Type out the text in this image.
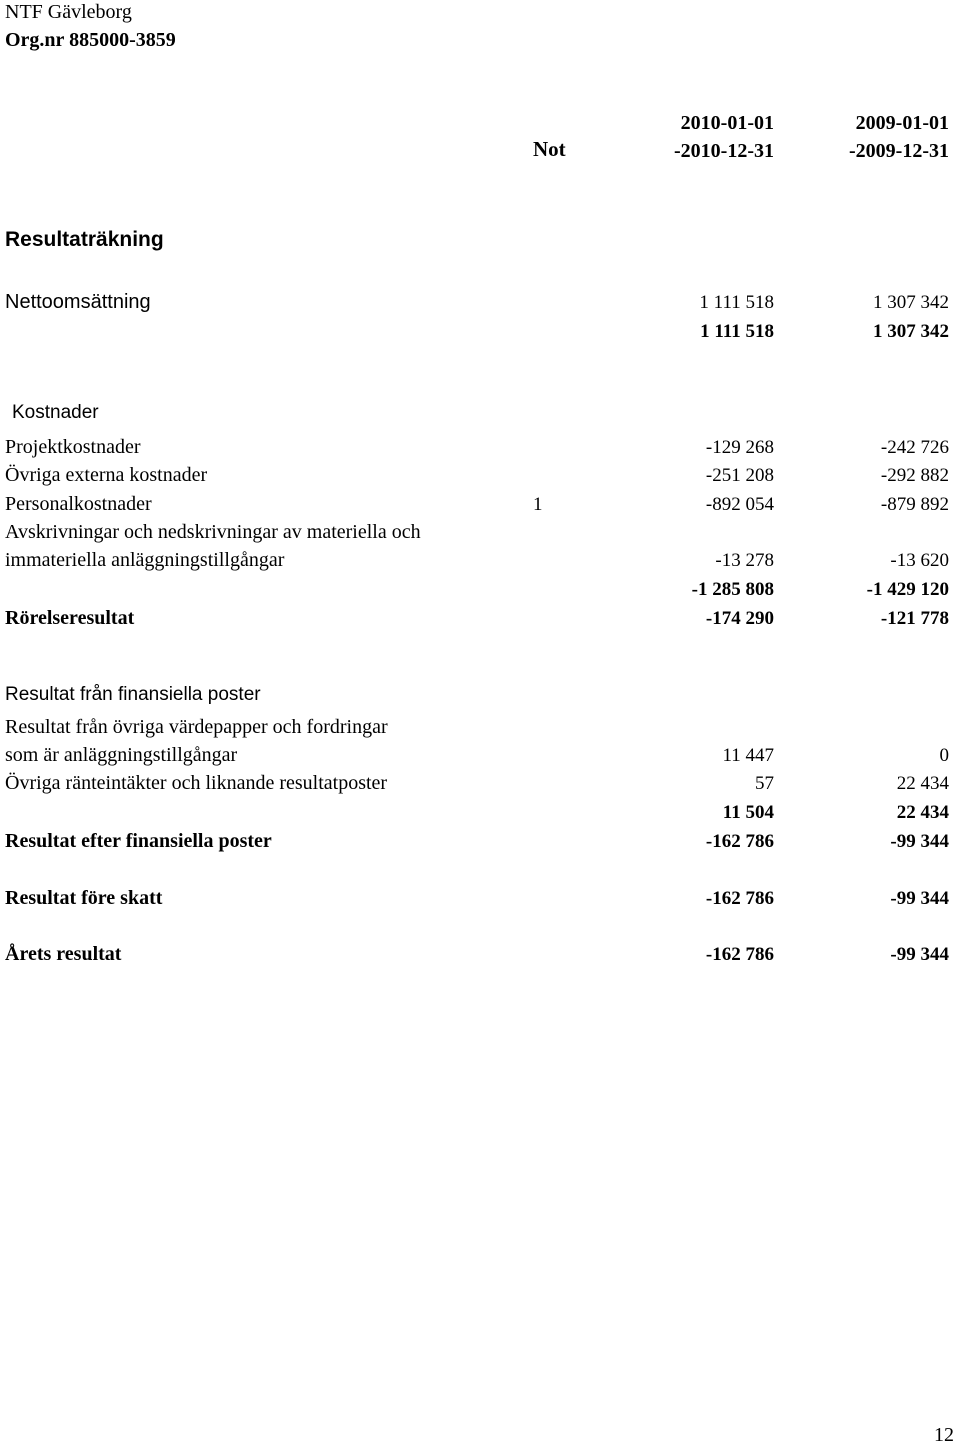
NTF Gävleborg
Org.nr 885000-3859
Not
2010-01-01
-2010-12-31
2009-01-01
-2009-12-31
Resultaträkning
Nettoomsättning	1 111 518	1 307 342
1 111 518	1 307 342
Kostnader
Projektkostnader	-129 268	-242 726
Övriga externa kostnader	-251 208	-292 882
Personalkostnader	1	-892 054	-879 892
Avskrivningar och nedskrivningar av materiella och
immateriella anläggningstillgångar	-13 278	-13 620
-1 285 808	-1 429 120
Rörelseresultat	-174 290	-121 778
Resultat från finansiella poster
Resultat från övriga värdepapper och fordringar
som är anläggningstillgångar	11 447	0
Övriga ränteintäkter och liknande resultatposter	57	22 434
11 504	22 434
Resultat efter finansiella poster	-162 786	-99 344
Resultat före skatt	-162 786	-99 344
Årets resultat	-162 786	-99 344
12
